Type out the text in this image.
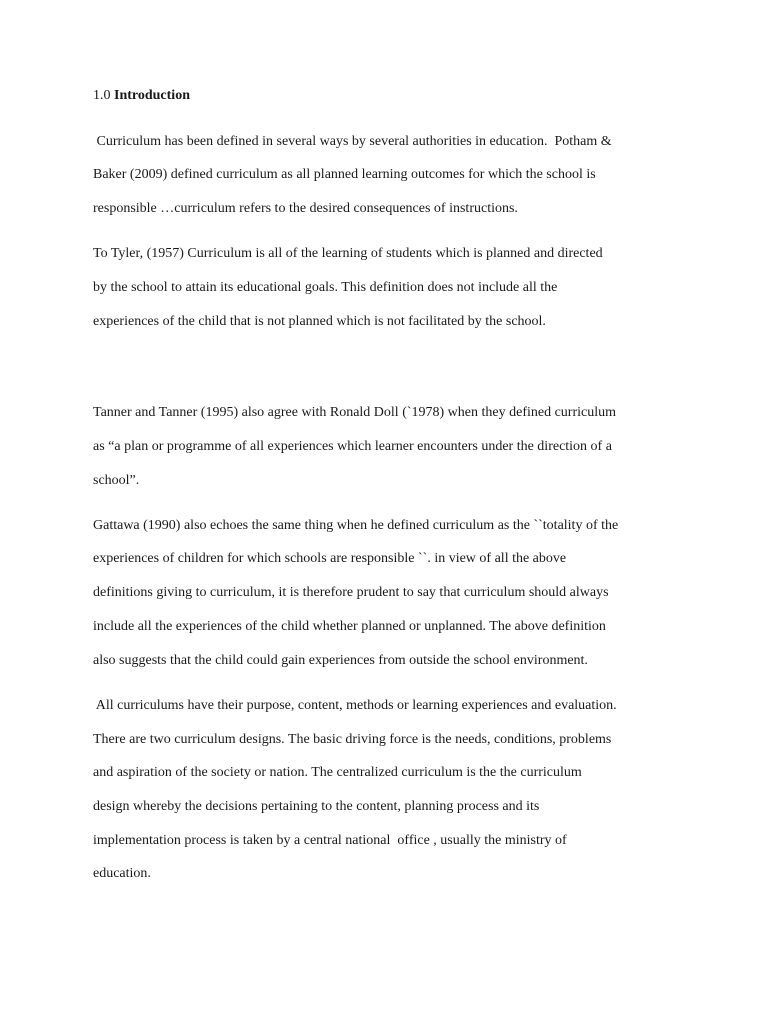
1.0 Introduction
Curriculum has been defined in several ways by several authorities in education.  Potham &
Baker (2009) defined curriculum as all planned learning outcomes for which the school is
responsible …curriculum refers to the desired consequences of instructions.
To Tyler, (1957) Curriculum is all of the learning of students which is planned and directed
by the school to attain its educational goals. This definition does not include all the
experiences of the child that is not planned which is not facilitated by the school.
Tanner and Tanner (1995) also agree with Ronald Doll (`1978) when they defined curriculum
as “a plan or programme of all experiences which learner encounters under the direction of a
school”.
Gattawa (1990) also echoes the same thing when he defined curriculum as the ``totality of the
experiences of children for which schools are responsible ``. in view of all the above
definitions giving to curriculum, it is therefore prudent to say that curriculum should always
include all the experiences of the child whether planned or unplanned. The above definition
also suggests that the child could gain experiences from outside the school environment.
All curriculums have their purpose, content, methods or learning experiences and evaluation.
There are two curriculum designs. The basic driving force is the needs, conditions, problems
and aspiration of the society or nation. The centralized curriculum is the the curriculum
design whereby the decisions pertaining to the content, planning process and its
implementation process is taken by a central national  office , usually the ministry of
education.
